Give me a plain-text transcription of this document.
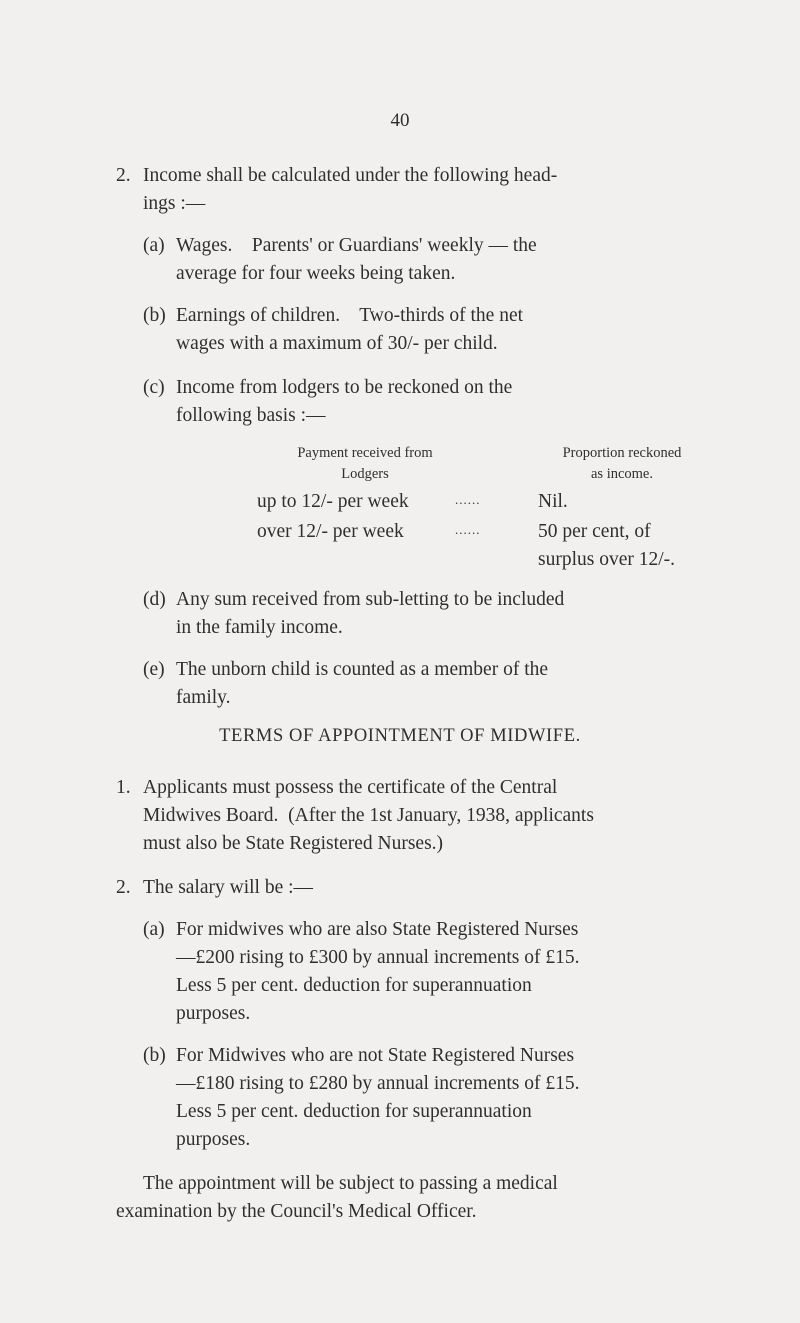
40
2. Income shall be calculated under the following head-
ings :—
(a) Wages.    Parents' or Guardians' weekly — the
average for four weeks being taken.
(b) Earnings of children.    Two-thirds of the net
wages with a maximum of 30/- per child.
(c) Income from lodgers to be reckoned on the
following basis :—
Payment received from
Lodgers
Proportion reckoned
as income.
up to 12/- per week	......	Nil.
over 12/- per week	......	50 per cent, of
surplus over 12/-.
(d) Any sum received from sub-letting to be included
in the family income.
(e) The unborn child is counted as a member of the
family.
TERMS OF APPOINTMENT OF MIDWIFE.
1. Applicants must possess the certificate of the Central
Midwives Board.  (After the 1st January, 1938, applicants
must also be State Registered Nurses.)
2. The salary will be :—
(a) For midwives who are also State Registered Nurses
—£200 rising to £300 by annual increments of £15.
Less 5 per cent. deduction for superannuation
purposes.
(b) For Midwives who are not State Registered Nurses
—£180 rising to £280 by annual increments of £15.
Less 5 per cent. deduction for superannuation
purposes.
The appointment will be subject to passing a medical
examination by the Council's Medical Officer.
